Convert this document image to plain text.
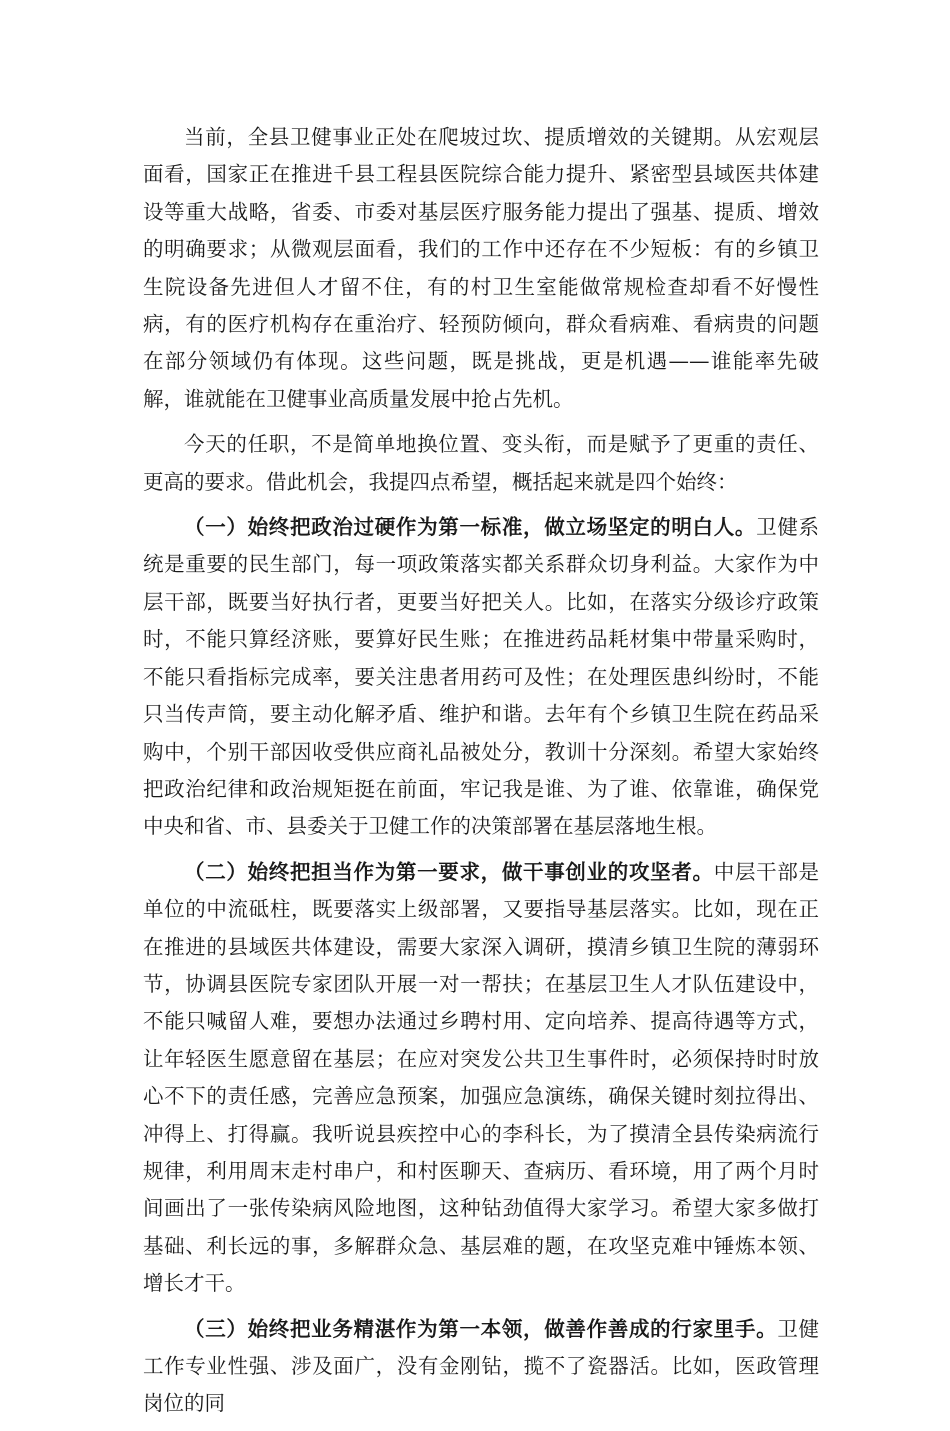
当前，全县卫健事业正处在爬坡过坎、提质增效的关键期。从宏观层面看，国家正在推进千县工程县医院综合能力提升、紧密型县域医共体建设等重大战略，省委、市委对基层医疗服务能力提出了强基、提质、增效的明确要求；从微观层面看，我们的工作中还存在不少短板：有的乡镇卫生院设备先进但人才留不住，有的村卫生室能做常规检查却看不好慢性病，有的医疗机构存在重治疗、轻预防倾向，群众看病难、看病贵的问题在部分领域仍有体现。这些问题，既是挑战，更是机遇——谁能率先破解，谁就能在卫健事业高质量发展中抢占先机。

今天的任职，不是简单地换位置、变头衔，而是赋予了更重的责任、更高的要求。借此机会，我提四点希望，概括起来就是四个始终：

（一）始终把政治过硬作为第一标准，做立场坚定的明白人。卫健系统是重要的民生部门，每一项政策落实都关系群众切身利益。大家作为中层干部，既要当好执行者，更要当好把关人。比如，在落实分级诊疗政策时，不能只算经济账，要算好民生账；在推进药品耗材集中带量采购时，不能只看指标完成率，要关注患者用药可及性；在处理医患纠纷时，不能只当传声筒，要主动化解矛盾、维护和谐。去年有个乡镇卫生院在药品采购中，个别干部因收受供应商礼品被处分，教训十分深刻。希望大家始终把政治纪律和政治规矩挺在前面，牢记我是谁、为了谁、依靠谁，确保党中央和省、市、县委关于卫健工作的决策部署在基层落地生根。

（二）始终把担当作为第一要求，做干事创业的攻坚者。中层干部是单位的中流砥柱，既要落实上级部署，又要指导基层落实。比如，现在正在推进的县域医共体建设，需要大家深入调研，摸清乡镇卫生院的薄弱环节，协调县医院专家团队开展一对一帮扶；在基层卫生人才队伍建设中，不能只喊留人难，要想办法通过乡聘村用、定向培养、提高待遇等方式，让年轻医生愿意留在基层；在应对突发公共卫生事件时，必须保持时时放心不下的责任感，完善应急预案，加强应急演练，确保关键时刻拉得出、冲得上、打得赢。我听说县疾控中心的李科长，为了摸清全县传染病流行规律，利用周末走村串户，和村医聊天、查病历、看环境，用了两个月时间画出了一张传染病风险地图，这种钻劲值得大家学习。希望大家多做打基础、利长远的事，多解群众急、基层难的题，在攻坚克难中锤炼本领、增长才干。

（三）始终把业务精湛作为第一本领，做善作善成的行家里手。卫健工作专业性强、涉及面广，没有金刚钻，揽不了瓷器活。比如，医政管理岗位的同
